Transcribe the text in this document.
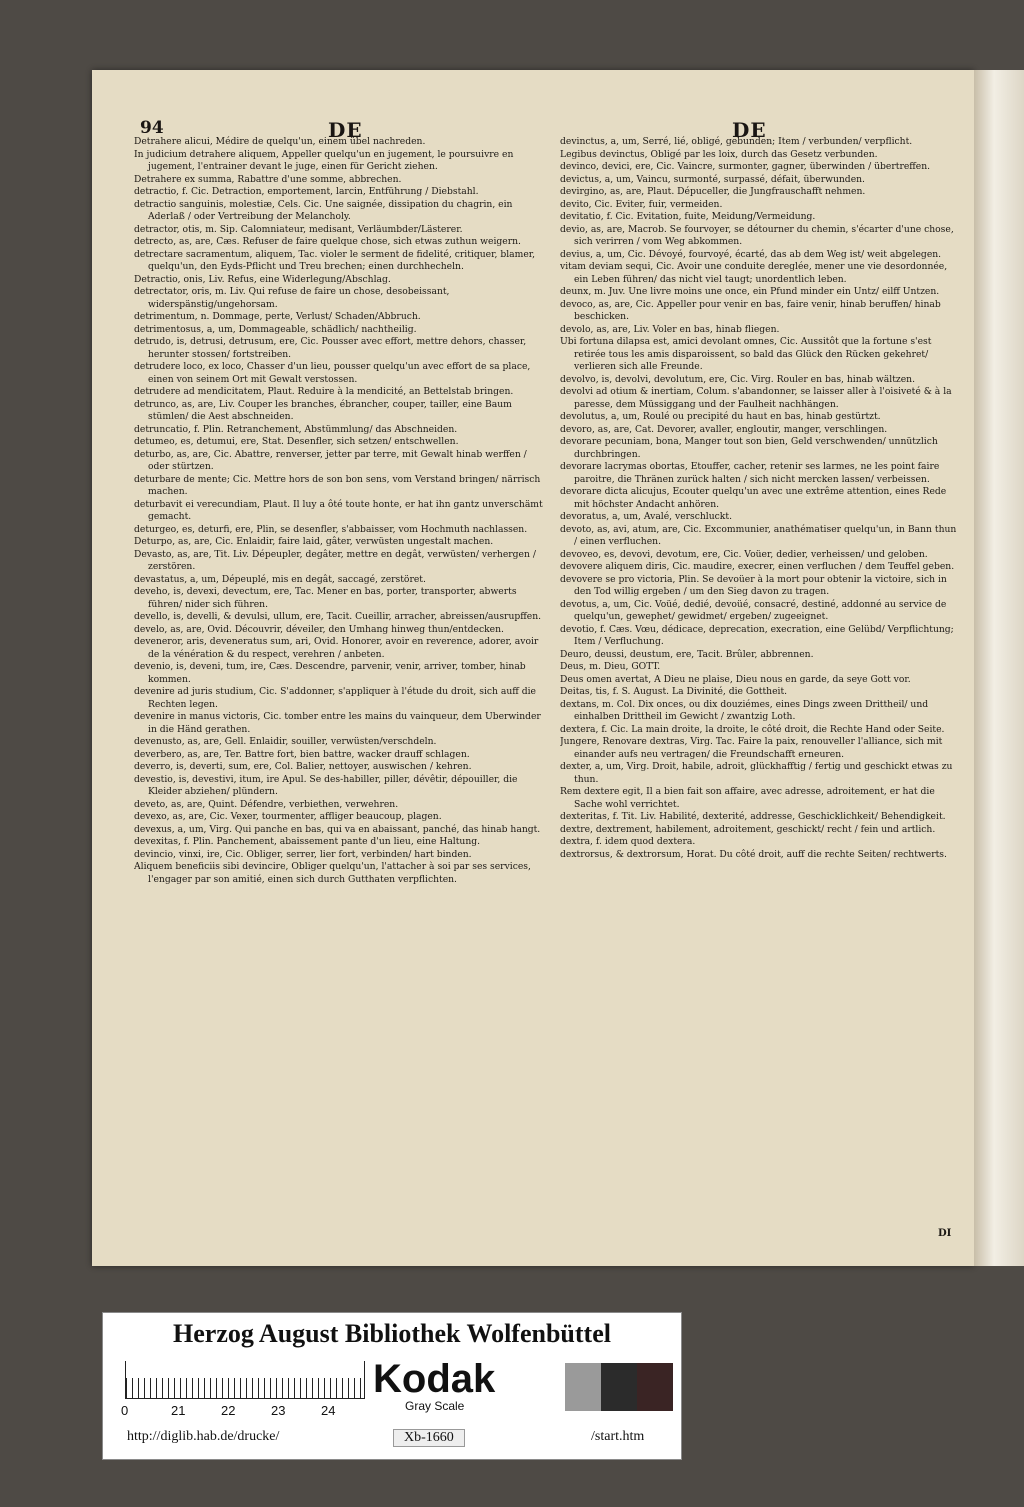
94	DE	DE

Detrahere alicui, Médire de quelqu'un, einem übel nachreden.

In judicium detrahere aliquem, Appeller quelqu'un en jugement, le poursuivre en jugement, l'entrainer devant le juge, einen für Gericht ziehen.

Detrahere ex summa, Rabattre d'une somme, abbrechen.

detractio, f. Cic. Detraction, emportement, larcin, Entführung / Diebstahl.

detractio sanguinis, molestiæ, Cels. Cic. Une saignée, dissipation du chagrin, ein Aderlaß / oder Vertreibung der Melancholy.

detractor, otis, m. Sip. Calomniateur, medisant, Verläumbder/Lästerer.

detrecto, as, are, Cæs. Refuser de faire quelque chose, sich etwas zuthun weigern.

detrectare sacramentum, aliquem, Tac. violer le serment de fidelité, critiquer, blamer, quelqu'un, den Eyds-Pflicht und Treu brechen; einen durchhecheln.

Detractio, onis, Liv. Refus, eine Widerlegung/Abschlag.

detrectator, oris, m. Liv. Qui refuse de faire un chose, desobeissant, widerspänstig/ungehorsam.

detrimentum, n. Dommage, perte, Verlust/ Schaden/Abbruch.

detrimentosus, a, um, Dommageable, schädlich/ nachtheilig.

detrudo, is, detrusi, detrusum, ere, Cic. Pousser avec effort, mettre dehors, chasser, herunter stossen/ fortstreiben.

detrudere loco, ex loco, Chasser d'un lieu, pousser quelqu'un avec effort de sa place, einen von seinem Ort mit Gewalt verstossen.

detrudere ad mendicitatem, Plaut. Reduire à la mendicité, an Bettelstab bringen.

detrunco, as, are, Liv. Couper les branches, ébrancher, couper, tailler, eine Baum stümlen/ die Aest abschneiden.

detruncatio, f. Plin. Retranchement, Abstümmlung/ das Abschneiden.

detumeo, es, detumui, ere, Stat. Desenfler, sich setzen/ entschwellen.

deturbo, as, are, Cic. Abattre, renverser, jetter par terre, mit Gewalt hinab werffen / oder stürtzen.

deturbare de mente; Cic. Mettre hors de son bon sens, vom Verstand bringen/ närrisch machen.

deturbavit ei verecundiam, Plaut. Il luy a ôté toute honte, er hat ihn gantz unverschämt gemacht.

deturgeo, es, deturfi, ere, Plin, se desenfler, s'abbaisser, vom Hochmuth nachlassen.

Deturpo, as, are, Cic. Enlaidir, faire laid, gâter, verwüsten ungestalt machen.

Devasto, as, are, Tit. Liv. Dépeupler, degâter, mettre en degât, verwüsten/ verhergen / zerstören.

devastatus, a, um, Dépeuplé, mis en degât, saccagé, zerstöret.

deveho, is, devexi, devectum, ere, Tac. Mener en bas, porter, transporter, abwerts führen/ nider sich führen.

devello, is, develli, & devulsi, ullum, ere, Tacit. Cueillir, arracher, abreissen/ausrupffen.

develo, as, are, Ovid. Découvrir, déveiler, den Umhang hinweg thun/entdecken.

deveneror, aris, deveneratus sum, ari, Ovid. Honorer, avoir en reverence, adorer, avoir de la vénération & du respect, verehren / anbeten.

devenio, is, deveni, tum, ire, Cæs. Descendre, parvenir, venir, arriver, tomber, hinab kommen.

devenire ad juris studium, Cic. S'addonner, s'appliquer à l'étude du droit, sich auff die Rechten legen.

devenire in manus victoris, Cic. tomber entre les mains du vainqueur, dem Uberwinder in die Händ gerathen.

devenusto, as, are, Gell. Enlaidir, souiller, verwüsten/verschdeln.

deverbero, as, are, Ter. Battre fort, bien battre, wacker drauff schlagen.

deverro, is, deverti, sum, ere, Col. Balier, nettoyer, auswischen / kehren.

devestio, is, devestivi, itum, ire Apul. Se des-habiller, piller, dévêtir, dépouiller, die Kleider abziehen/ plündern.

deveto, as, are, Quint. Défendre, verbiethen, verwehren.

devexo, as, are, Cic. Vexer, tourmenter, affliger beaucoup, plagen.

devexus, a, um, Virg. Qui panche en bas, qui va en abaissant, panché, das hinab hangt.

devexitas, f. Plin. Panchement, abaissement pante d'un lieu, eine Haltung.

devincio, vinxi, ire, Cic. Obliger, serrer, lier fort, verbinden/ hart binden.

Aliquem beneficiis sibi devincire, Obliger quelqu'un, l'attacher à soi par ses services, l'engager par son amitié, einen sich durch Gutthaten verpflichten.

devinctus, a, um, Serré, lié, obligé, gebunden; Item / verbunden/ verpflicht.

Legibus devinctus, Obligé par les loix, durch das Gesetz verbunden.

devinco, devici, ere, Cic. Vaincre, surmonter, gagner, überwinden / übertreffen.

devictus, a, um, Vaincu, surmonté, surpassé, défait, überwunden.

devirgino, as, are, Plaut. Dépuceller, die Jungfrauschafft nehmen.

devito, Cic. Eviter, fuir, vermeiden.

devitatio, f. Cic. Evitation, fuite, Meidung/Vermeidung.

devio, as, are, Macrob. Se fourvoyer, se détourner du chemin, s'écarter d'une chose, sich verirren / vom Weg abkommen.

devius, a, um, Cic. Dévoyé, fourvoyé, écarté, das ab dem Weg ist/ weit abgelegen.

vitam deviam sequi, Cic. Avoir une conduite dereglée, mener une vie desordonnée, ein Leben führen/ das nicht viel taugt; unordentlich leben.

deunx, m. Juv. Une livre moins une once, ein Pfund minder ein Untz/ eilff Untzen.

devoco, as, are, Cic. Appeller pour venir en bas, faire venir, hinab beruffen/ hinab beschicken.

devolo, as, are, Liv. Voler en bas, hinab fliegen.

Ubi fortuna dilapsa est, amici devolant omnes, Cic. Aussitôt que la fortune s'est retirée tous les amis disparoissent, so bald das Glück den Rücken gekehret/ verlieren sich alle Freunde.

devolvo, is, devolvi, devolutum, ere, Cic. Virg. Rouler en bas, hinab wältzen.

devolvi ad otium & inertiam, Colum. s'abandonner, se laisser aller à l'oisiveté & à la paresse, dem Müssiggang und der Faulheit nachhängen.

devolutus, a, um, Roulé ou precipité du haut en bas, hinab gestürtzt.

devoro, as, are, Cat. Devorer, avaller, engloutir, manger, verschlingen.

devorare pecuniam, bona, Manger tout son bien, Geld verschwenden/ unnützlich durchbringen.

devorare lacrymas obortas, Etouffer, cacher, retenir ses larmes, ne les point faire paroitre, die Thränen zurück halten / sich nicht mercken lassen/ verbeissen.

devorare dicta alicujus, Ecouter quelqu'un avec une extrême attention, eines Rede mit höchster Andacht anhören.

devoratus, a, um, Avalé, verschluckt.

devoto, as, avi, atum, are, Cic. Excommunier, anathématiser quelqu'un, in Bann thun / einen verfluchen.

devoveo, es, devovi, devotum, ere, Cic. Voüer, dedier, verheissen/ und geloben.

devovere aliquem diris, Cic. maudire, execrer, einen verfluchen / dem Teuffel geben.

devovere se pro victoria, Plin. Se devoüer à la mort pour obtenir la victoire, sich in den Tod willig ergeben / um den Sieg davon zu tragen.

devotus, a, um, Cic. Voüé, dedié, devoüé, consacré, destiné, addonné au service de quelqu'un, gewephet/ gewidmet/ ergeben/ zugeeignet.

devotio, f. Cæs. Vœu, dédicace, deprecation, execration, eine Gelübd/ Verpflichtung; Item / Verfluchung.

Deuro, deussi, deustum, ere, Tacit. Brûler, abbrennen.

Deus, m. Dieu, GOTT.

Deus omen avertat, A Dieu ne plaise, Dieu nous en garde, da seye Gott vor.

Deitas, tis, f. S. August. La Divinité, die Gottheit.

dextans, m. Col. Dix onces, ou dix douziémes, eines Dings zween Drittheil/ und einhalben Drittheil im Gewicht / zwantzig Loth.

dextera, f. Cic. La main droite, la droite, le côté droit, die Rechte Hand oder Seite.

Jungere, Renovare dextras, Virg. Tac. Faire la paix, renouveller l'alliance, sich mit einander aufs neu vertragen/ die Freundschafft erneuren.

dexter, a, um, Virg. Droit, habile, adroit, glückhafftig / fertig und geschickt etwas zu thun.

Rem dextere egit, Il a bien fait son affaire, avec adresse, adroitement, er hat die Sache wohl verrichtet.

dexteritas, f. Tit. Liv. Habilité, dexterité, addresse, Geschicklichkeit/ Behendigkeit.

dextre, dextrement, habilement, adroitement, geschickt/ recht / fein und artlich.

dextra, f. idem quod dextera.

dextrorsus, & dextrorsum, Horat. Du côté droit, auff die rechte Seiten/ rechtwerts.

DI
Herzog August Bibliothek Wolfenbüttel
0	21	22	23	24
Kodak
Gray Scale
http://diglib.hab.de/drucke/	Xb-1660	/start.htm
